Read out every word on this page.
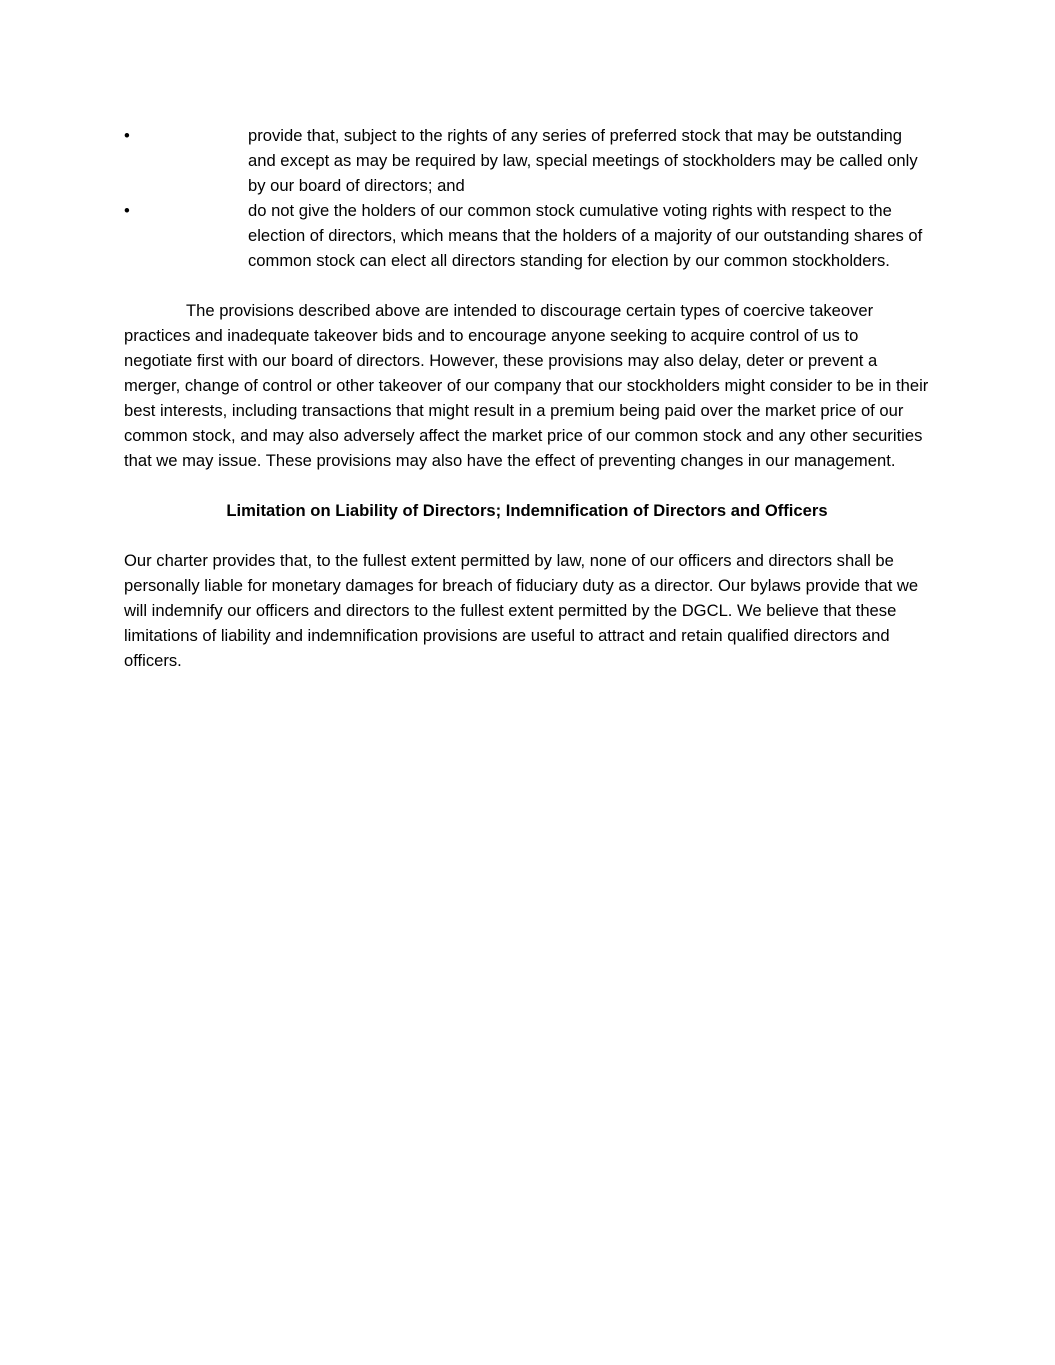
•	provide that, subject to the rights of any series of preferred stock that may be outstanding and except as may be required by law, special meetings of stockholders may be called only by our board of directors; and
•	do not give the holders of our common stock cumulative voting rights with respect to the election of directors, which means that the holders of a majority of our outstanding shares of common stock can elect all directors standing for election by our common stockholders.

The provisions described above are intended to discourage certain types of coercive takeover practices and inadequate takeover bids and to encourage anyone seeking to acquire control of us to negotiate first with our board of directors. However, these provisions may also delay, deter or prevent a merger, change of control or other takeover of our company that our stockholders might consider to be in their best interests, including transactions that might result in a premium being paid over the market price of our common stock, and may also adversely affect the market price of our common stock and any other securities that we may issue. These provisions may also have the effect of preventing changes in our management.

Limitation on Liability of Directors; Indemnification of Directors and Officers

Our charter provides that, to the fullest extent permitted by law, none of our officers and directors shall be personally liable for monetary damages for breach of fiduciary duty as a director. Our bylaws provide that we will indemnify our officers and directors to the fullest extent permitted by the DGCL. We believe that these limitations of liability and indemnification provisions are useful to attract and retain qualified directors and officers.
